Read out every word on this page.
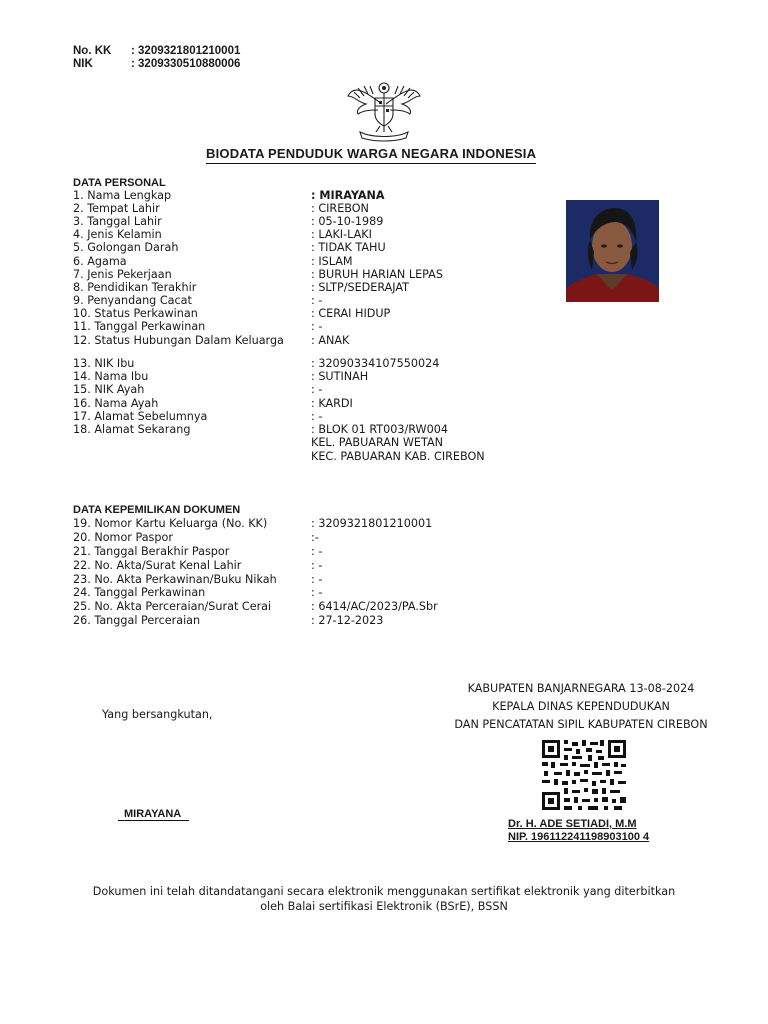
No. KK : 3209321801210001
NIK	: 3209330510880006
BIODATA PENDUDUK WARGA NEGARA INDONESIA
DATA PERSONAL
1. Nama Lengkap	: MIRAYANA
2. Tempat Lahir	: CIREBON
3. Tanggal Lahir	: 05-10-1989
4. Jenis Kelamin	: LAKI-LAKI
5. Golongan Darah	: TIDAK TAHU
6. Agama	: ISLAM
7. Jenis Pekerjaan	: BURUH HARIAN LEPAS
8. Pendidikan Terakhir	: SLTP/SEDERAJAT
9. Penyandang Cacat	: -
10. Status Perkawinan	: CERAI HIDUP
11. Tanggal Perkawinan	: -
12. Status Hubungan Dalam Keluarga : ANAK
13. NIK Ibu	: 32090334107550024
14. Nama Ibu	: SUTINAH
15. NIK Ayah	: -
16. Nama Ayah	: KARDI
17. Alamat Sebelumnya	: -
18. Alamat Sekarang	: BLOK 01 RT003/RW004
KEL. PABUARAN WETAN
KEC. PABUARAN KAB. CIREBON
DATA KEPEMILIKAN DOKUMEN
19. Nomor Kartu Keluarga (No. KK)	: 3209321801210001
20. Nomor Paspor	:-
21. Tanggal Berakhir Paspor	: -
22. No. Akta/Surat Kenal Lahir	: -
23. No. Akta Perkawinan/Buku Nikah	: -
24. Tanggal Perkawinan	: -
25. No. Akta Perceraian/Surat Cerai	: 6414/AC/2023/PA.Sbr
26. Tanggal Perceraian	: 27-12-2023
KABUPATEN BANJARNEGARA 13-08-2024
KEPALA DINAS KEPENDUDUKAN
DAN PENCATATAN SIPIL KABUPATEN CIREBON
Dr. H. ADE SETIADI, M.M
NIP. 196112241198903100 4
Yang bersangkutan,
MIRAYANA
Dokumen ini telah ditandatangani secara elektronik menggunakan sertifikat elektronik yang diterbitkan
oleh Balai sertifikasi Elektronik (BSrE), BSSN
